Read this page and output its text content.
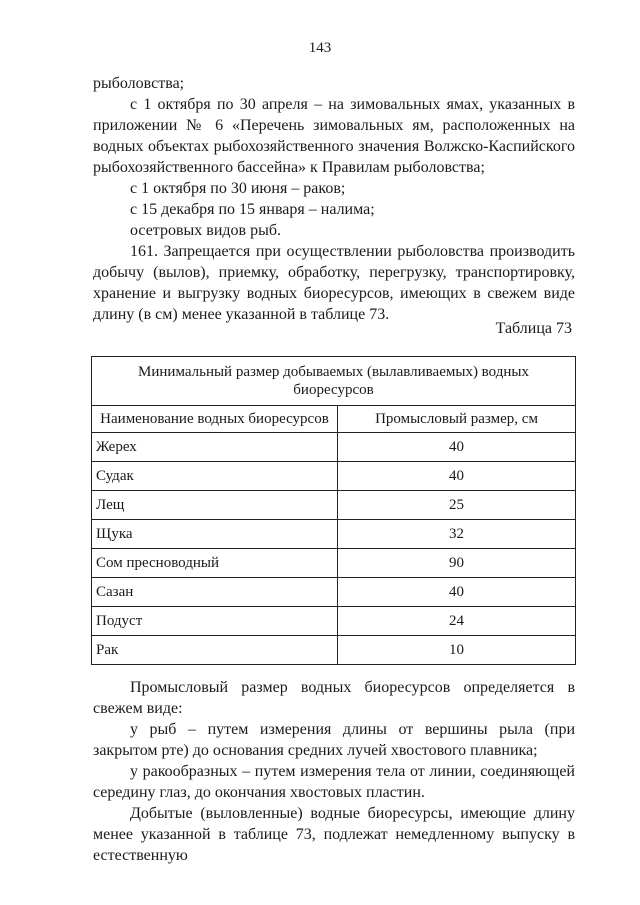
143
рыболовства;
с 1 октября по 30 апреля – на зимовальных ямах, указанных в приложении № 6 «Перечень зимовальных ям, расположенных на водных объектах рыбохозяйственного значения Волжско-Каспийского рыбохозяйственного бассейна» к Правилам рыболовства;
с 1 октября по 30 июня – раков;
с 15 декабря по 15 января – налима;
осетровых видов рыб.
161. Запрещается при осуществлении рыболовства производить добычу (вылов), приемку, обработку, перегрузку, транспортировку, хранение и выгрузку водных биоресурсов, имеющих в свежем виде длину (в см) менее указанной в таблице 73.
Таблица 73
Минимальный размер добываемых (вылавливаемых) водных биоресурсов	
Наименование водных биоресурсов	Промысловый размер, см
Жерех	40
Судак	40
Лещ	25
Щука	32
Сом пресноводный	90
Сазан	40
Подуст	24
Рак	10
Промысловый размер водных биоресурсов определяется в свежем виде:
у рыб – путем измерения длины от вершины рыла (при закрытом рте) до основания средних лучей хвостового плавника;
у ракообразных – путем измерения тела от линии, соединяющей середину глаз, до окончания хвостовых пластин.
Добытые (выловленные) водные биоресурсы, имеющие длину менее указанной в таблице 73, подлежат немедленному выпуску в естественную
